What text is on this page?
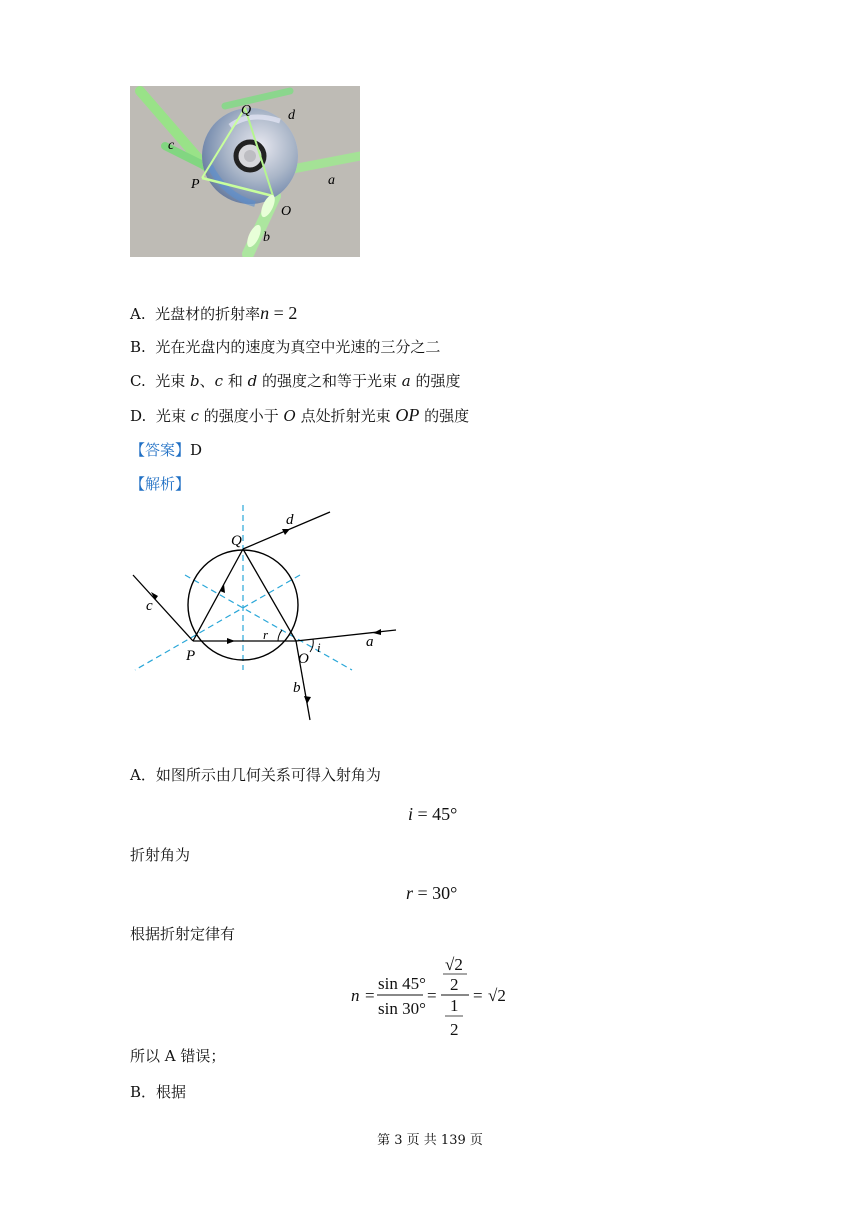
Q	d
c
P	a
O
b
A. 光盘材的折射率n = 2
B. 光在光盘内的速度为真空中光速的三分之二
C. 光束 b、c 和 d 的强度之和等于光束 a 的强度
D. 光束 c 的强度小于 O 点处折射光束 OP 的强度
【答案】D
【解析】
Q
d
c
P	O
r
i	a
b
A．如图所示由几何关系可得入射角为
i = 45°
折射角为
r = 30°
根据折射定律有
n =
sin 45°
sin 30°
=
√2
2
1
2
= √2
所以 A 错误；
B．根据
第 3 页 共 139 页
